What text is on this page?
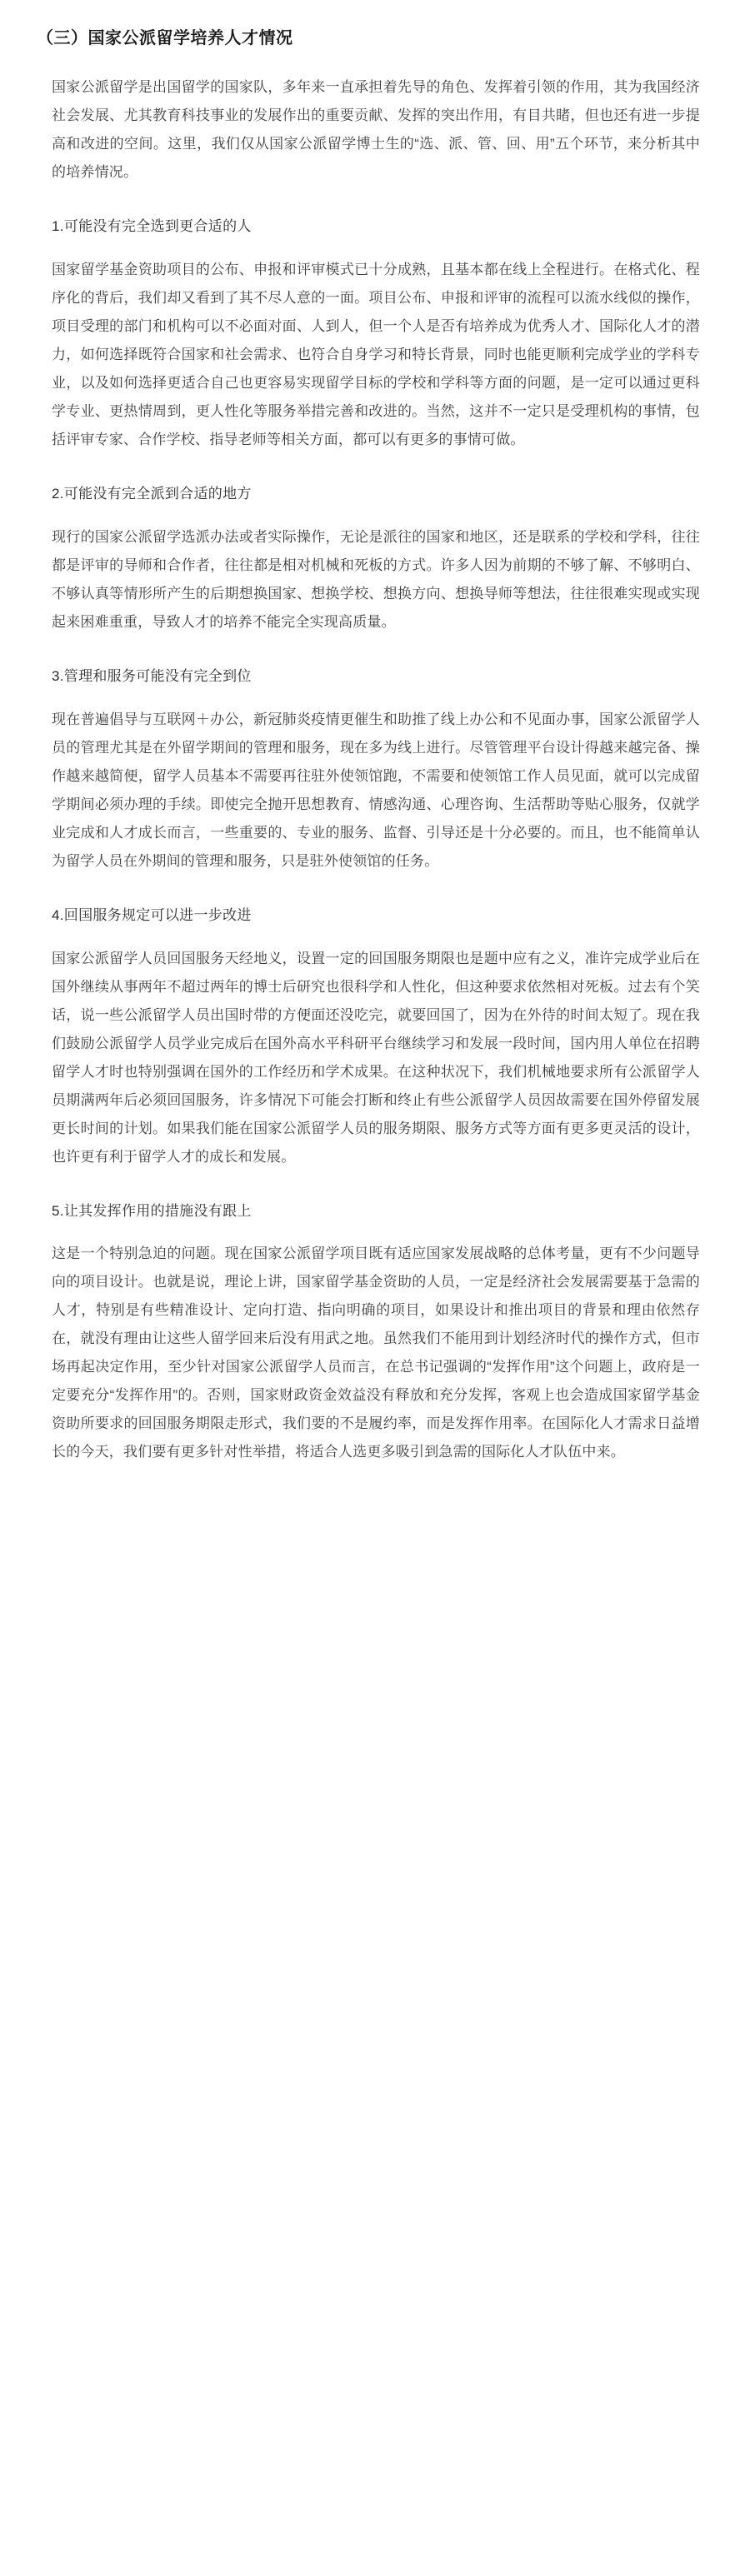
（三）国家公派留学培养人才情况
国家公派留学是出国留学的国家队，多年来一直承担着先导的角色、发挥着引领的作用，其为我国经济社会发展、尤其教育科技事业的发展作出的重要贡献、发挥的突出作用，有目共睹，但也还有进一步提高和改进的空间。这里，我们仅从国家公派留学博士生的“选、派、管、回、用”五个环节，来分析其中的培养情况。
1.可能没有完全选到更合适的人
国家留学基金资助项目的公布、申报和评审模式已十分成熟，且基本都在线上全程进行。在格式化、程序化的背后，我们却又看到了其不尽人意的一面。项目公布、申报和评审的流程可以流水线似的操作，项目受理的部门和机构可以不必面对面、人到人，但一个人是否有培养成为优秀人才、国际化人才的潜力，如何选择既符合国家和社会需求、也符合自身学习和特长背景，同时也能更顺利完成学业的学科专业，以及如何选择更适合自己也更容易实现留学目标的学校和学科等方面的问题，是一定可以通过更科学专业、更热情周到，更人性化等服务举措完善和改进的。当然，这并不一定只是受理机构的事情，包括评审专家、合作学校、指导老师等相关方面，都可以有更多的事情可做。
2.可能没有完全派到合适的地方
现行的国家公派留学选派办法或者实际操作，无论是派往的国家和地区，还是联系的学校和学科，往往都是评审的导师和合作者，往往都是相对机械和死板的方式。许多人因为前期的不够了解、不够明白、不够认真等情形所产生的后期想换国家、想换学校、想换方向、想换导师等想法，往往很难实现或实现起来困难重重，导致人才的培养不能完全实现高质量。
3.管理和服务可能没有完全到位
现在普遍倡导与互联网＋办公，新冠肺炎疫情更催生和助推了线上办公和不见面办事，国家公派留学人员的管理尤其是在外留学期间的管理和服务，现在多为线上进行。尽管管理平台设计得越来越完备、操作越来越简便，留学人员基本不需要再往驻外使领馆跑，不需要和使领馆工作人员见面，就可以完成留学期间必须办理的手续。即使完全抛开思想教育、情感沟通、心理咨询、生活帮助等贴心服务，仅就学业完成和人才成长而言，一些重要的、专业的服务、监督、引导还是十分必要的。而且，也不能简单认为留学人员在外期间的管理和服务，只是驻外使领馆的任务。
4.回国服务规定可以进一步改进
国家公派留学人员回国服务天经地义，设置一定的回国服务期限也是题中应有之义，准许完成学业后在国外继续从事两年不超过两年的博士后研究也很科学和人性化，但这种要求依然相对死板。过去有个笑话，说一些公派留学人员出国时带的方便面还没吃完，就要回国了，因为在外待的时间太短了。现在我们鼓励公派留学人员学业完成后在国外高水平科研平台继续学习和发展一段时间，国内用人单位在招聘留学人才时也特别强调在国外的工作经历和学术成果。在这种状况下，我们机械地要求所有公派留学人员期满两年后必须回国服务，许多情况下可能会打断和终止有些公派留学人员因故需要在国外停留发展更长时间的计划。如果我们能在国家公派留学人员的服务期限、服务方式等方面有更多更灵活的设计，也许更有利于留学人才的成长和发展。
5.让其发挥作用的措施没有跟上
这是一个特别急迫的问题。现在国家公派留学项目既有适应国家发展战略的总体考量，更有不少问题导向的项目设计。也就是说，理论上讲，国家留学基金资助的人员，一定是经济社会发展需要基于急需的人才，特别是有些精准设计、定向打造、指向明确的项目，如果设计和推出项目的背景和理由依然存在，就没有理由让这些人留学回来后没有用武之地。虽然我们不能用到计划经济时代的操作方式，但市场再起决定作用，至少针对国家公派留学人员而言，在总书记强调的“发挥作用”这个问题上，政府是一定要充分“发挥作用”的。否则，国家财政资金效益没有释放和充分发挥，客观上也会造成国家留学基金资助所要求的回国服务期限走形式，我们要的不是履约率，而是发挥作用率。在国际化人才需求日益增长的今天，我们要有更多针对性举措，将适合人选更多吸引到急需的国际化人才队伍中来。
